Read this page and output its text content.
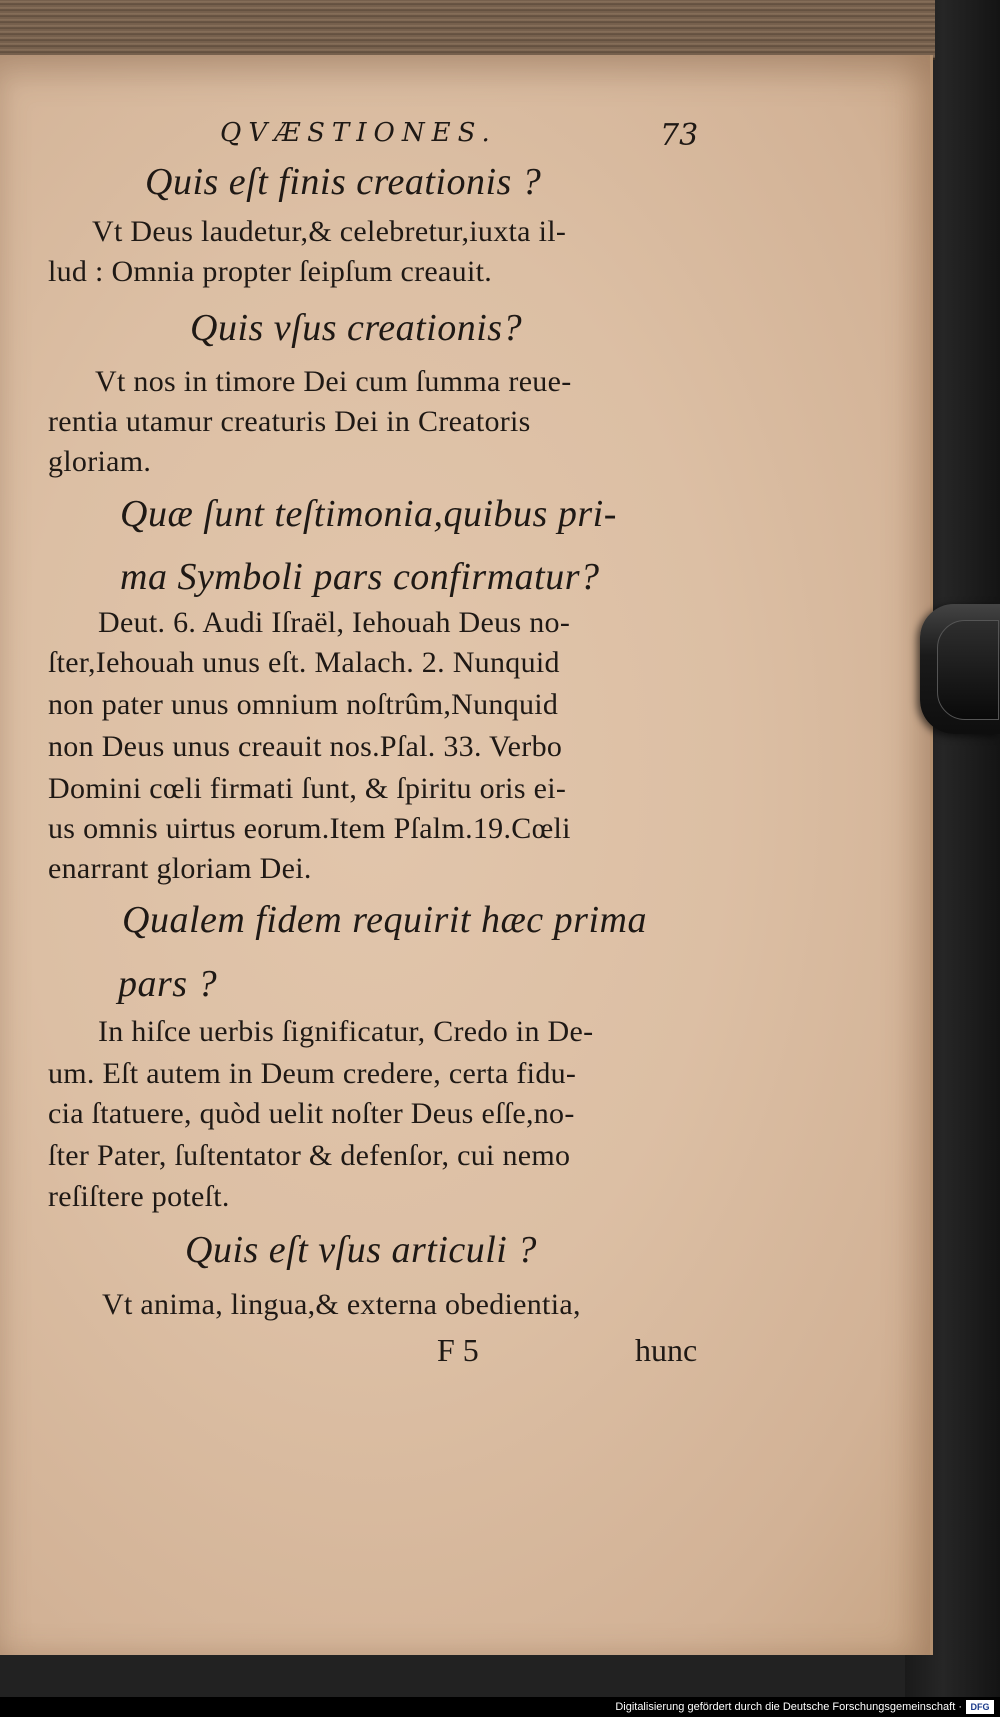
QVÆSTIONES.	73
Quis eſt finis creationis ?
Vt Deus laudetur,& celebretur,iuxta il-
lud : Omnia propter ſeipſum creauit.
Quis vſus creationis?
Vt nos in timore Dei cum ſumma reue-
rentia utamur creaturis Dei in Creatoris
gloriam.
Quæ ſunt teſtimonia,quibus pri-
ma Symboli pars confirmatur?
Deut. 6. Audi Iſraël, Iehouah Deus no-
ſter,Iehouah unus eſt. Malach. 2. Nunquid
non pater unus omnium noſtrûm,Nunquid
non Deus unus creauit nos.Pſal. 33. Verbo
Domini cœli firmati ſunt, & ſpiritu oris ei-
us omnis uirtus eorum.Item Pſalm.19.Cœli
enarrant gloriam Dei.
Qualem fidem requirit hæc prima
pars ?
In hiſce uerbis ſignificatur, Credo in De-
um. Eſt autem in Deum credere, certa fidu-
cia ſtatuere, quòd uelit noſter Deus eſſe,no-
ſter Pater, ſuſtentator & defenſor, cui nemo
reſiſtere poteſt.
Quis eſt vſus articuli ?
Vt anima, lingua,& externa obedientia,
F 5	hunc
Digitalisierung gefördert durch die Deutsche Forschungsgemeinschaft · DFG
